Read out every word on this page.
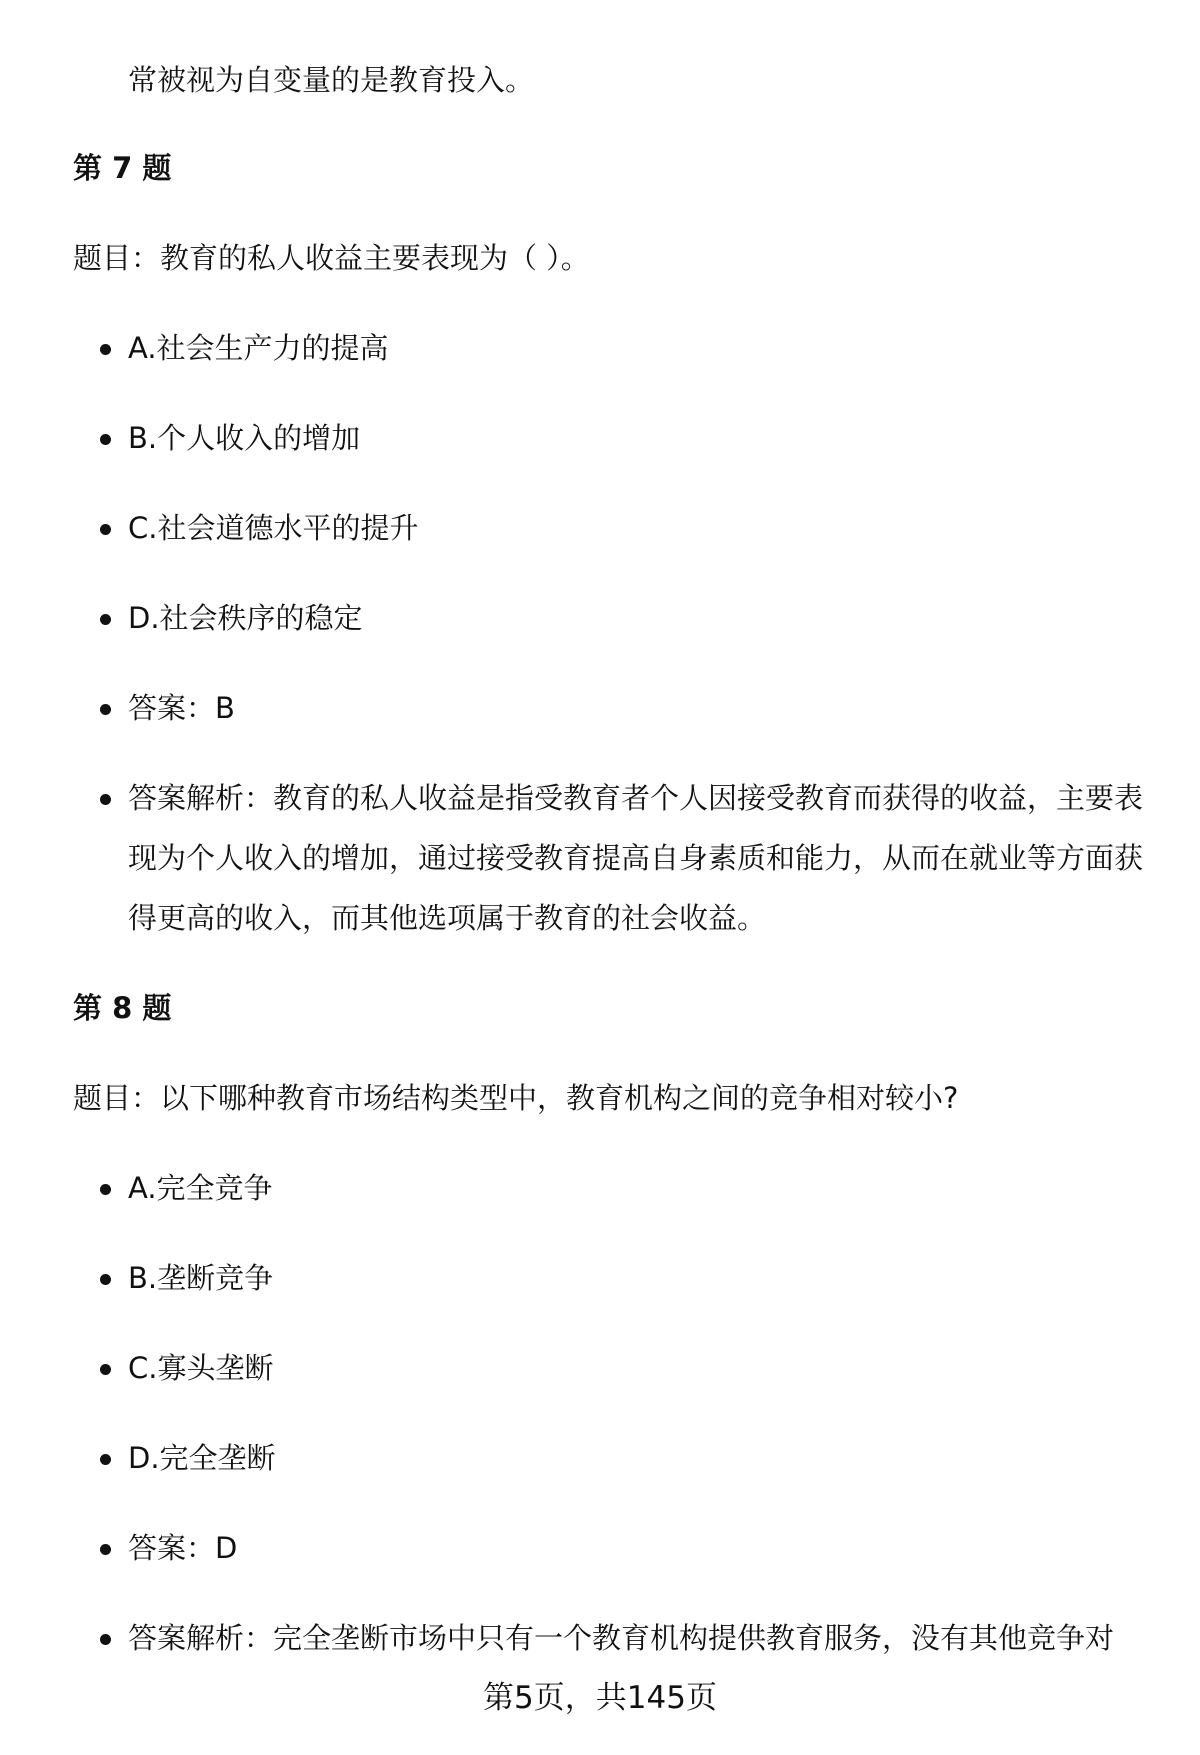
常被视为自变量的是教育投入。
第 7 题
题目：教育的私人收益主要表现为（ ）。
A.社会生产力的提高
B.个人收入的增加
C.社会道德水平的提升
D.社会秩序的稳定
答案：B
答案解析：教育的私人收益是指受教育者个人因接受教育而获得的收益，主要表现为个人收入的增加，通过接受教育提高自身素质和能力，从而在就业等方面获得更高的收入，而其他选项属于教育的社会收益。
第 8 题
题目：以下哪种教育市场结构类型中，教育机构之间的竞争相对较小?
A.完全竞争
B.垄断竞争
C.寡头垄断
D.完全垄断
答案：D
答案解析：完全垄断市场中只有一个教育机构提供教育服务，没有其他竞争对
第5页，共145页
